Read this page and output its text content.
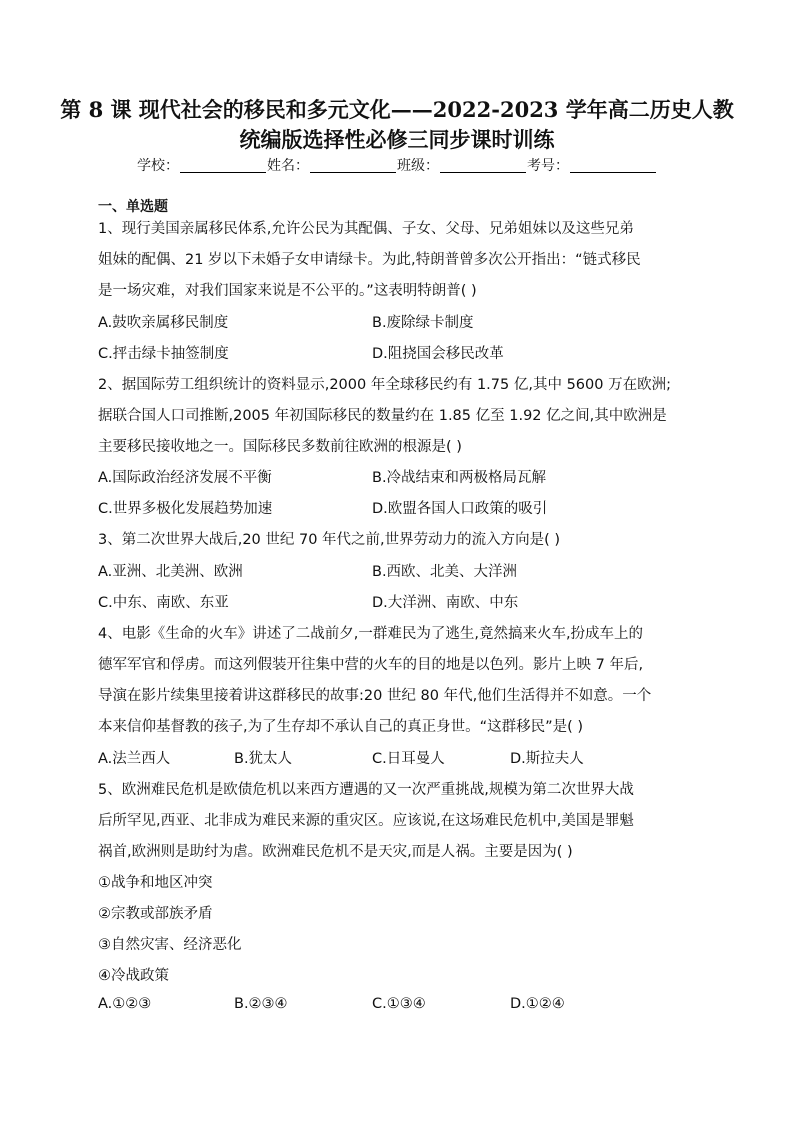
第 8 课 现代社会的移民和多元文化——2022-2023 学年高二历史人教
统编版选择性必修三同步课时训练
学校：	姓名：	班级：	考号：
一、单选题
1、现行美国亲属移民体系,允许公民为其配偶、子女、父母、兄弟姐妹以及这些兄弟
姐妹的配偶、21 岁以下未婚子女申请绿卡。为此,特朗普曾多次公开指出：“链式移民
是一场灾难，对我们国家来说是不公平的。”这表明特朗普( )
A.鼓吹亲属移民制度	B.废除绿卡制度
C.抨击绿卡抽签制度	D.阻挠国会移民改革
2、据国际劳工组织统计的资料显示,2000 年全球移民约有 1.75 亿,其中 5600 万在欧洲;
据联合国人口司推断,2005 年初国际移民的数量约在 1.85 亿至 1.92 亿之间,其中欧洲是
主要移民接收地之一。国际移民多数前往欧洲的根源是( )
A.国际政治经济发展不平衡	B.冷战结束和两极格局瓦解
C.世界多极化发展趋势加速	D.欧盟各国人口政策的吸引
3、第二次世界大战后,20 世纪 70 年代之前,世界劳动力的流入方向是( )
A.亚洲、北美洲、欧洲	B.西欧、北美、大洋洲
C.中东、南欧、东亚	D.大洋洲、南欧、中东
4、电影《生命的火车》讲述了二战前夕,一群难民为了逃生,竟然搞来火车,扮成车上的
德军军官和俘虏。而这列假装开往集中营的火车的目的地是以色列。影片上映 7 年后,
导演在影片续集里接着讲这群移民的故事:20 世纪 80 年代,他们生活得并不如意。一个
本来信仰基督教的孩子,为了生存却不承认自己的真正身世。“这群移民”是( )
A.法兰西人	B.犹太人	C.日耳曼人	D.斯拉夫人
5、欧洲难民危机是欧债危机以来西方遭遇的又一次严重挑战,规模为第二次世界大战
后所罕见,西亚、北非成为难民来源的重灾区。应该说,在这场难民危机中,美国是罪魁
祸首,欧洲则是助纣为虐。欧洲难民危机不是天灾,而是人祸。主要是因为( )
①战争和地区冲突
②宗教或部族矛盾
③自然灾害、经济恶化
④冷战政策
A.①②③	B.②③④	C.①③④	D.①②④
